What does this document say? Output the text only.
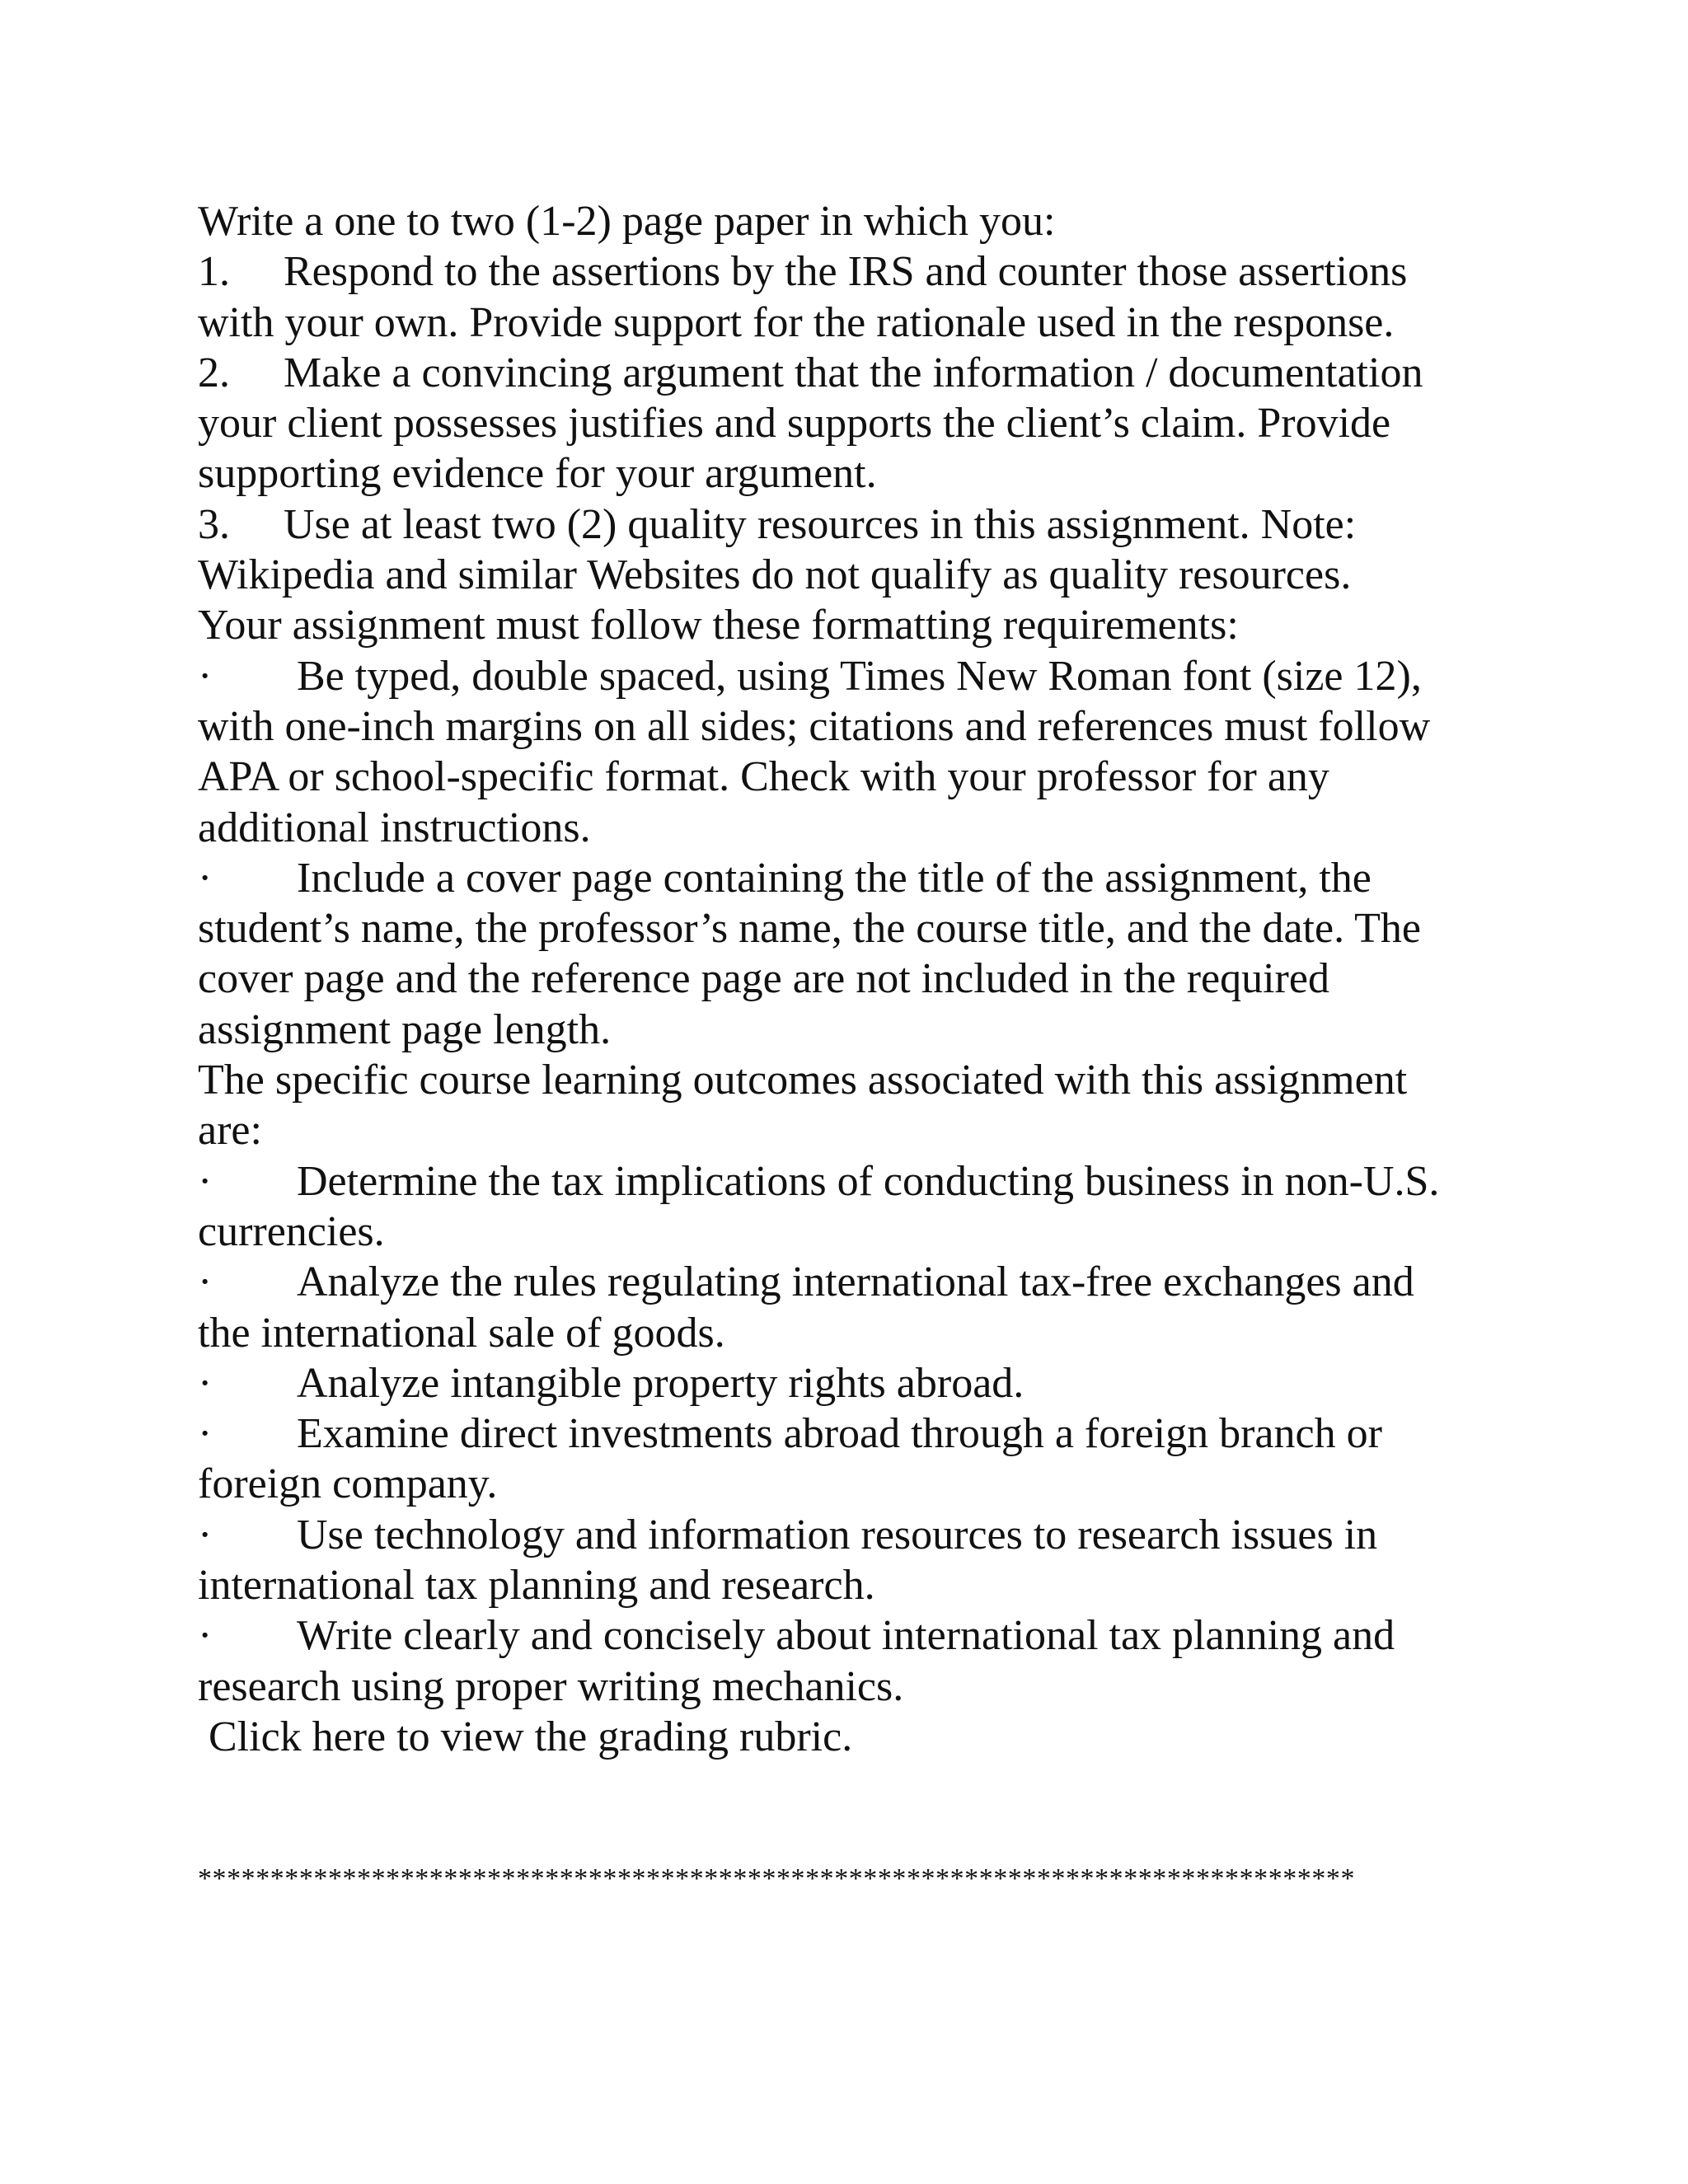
Write a one to two (1-2) page paper in which you:
1. Respond to the assertions by the IRS and counter those assertions
with your own. Provide support for the rationale used in the response.
2. Make a convincing argument that the information / documentation
your client possesses justifies and supports the client’s claim. Provide
supporting evidence for your argument.
3. Use at least two (2) quality resources in this assignment. Note:
Wikipedia and similar Websites do not qualify as quality resources.
Your assignment must follow these formatting requirements:
· Be typed, double spaced, using Times New Roman font (size 12),
with one-inch margins on all sides; citations and references must follow
APA or school-specific format. Check with your professor for any
additional instructions.
· Include a cover page containing the title of the assignment, the
student’s name, the professor’s name, the course title, and the date. The
cover page and the reference page are not included in the required
assignment page length.
The specific course learning outcomes associated with this assignment
are:
· Determine the tax implications of conducting business in non-U.S.
currencies.
· Analyze the rules regulating international tax-free exchanges and
the international sale of goods.
· Analyze intangible property rights abroad.
· Examine direct investments abroad through a foreign branch or
foreign company.
· Use technology and information resources to research issues in
international tax planning and research.
· Write clearly and concisely about international tax planning and
research using proper writing mechanics.
Click here to view the grading rubric.
********************************************************************************
